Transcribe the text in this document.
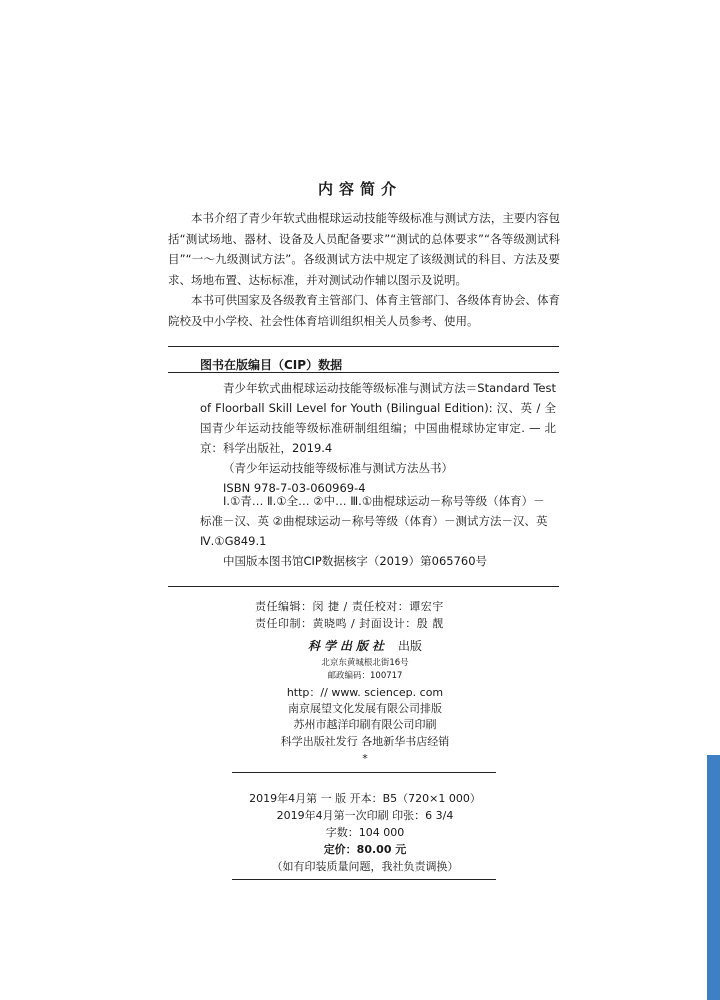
内容简介

本书介绍了青少年软式曲棍球运动技能等级标准与测试方法，主要内容包括“测试场地、器材、设备及人员配备要求”“测试的总体要求”“各等级测试科目”“一～九级测试方法”。各级测试方法中规定了该级测试的科目、方法及要求、场地布置、达标标准，并对测试动作辅以图示及说明。

本书可供国家及各级教育主管部门、体育主管部门、各级体育协会、体育院校及中小学校、社会性体育培训组织相关人员参考、使用。

图书在版编目（CIP）数据

青少年软式曲棍球运动技能等级标准与测试方法＝Standard Test of Floorball Skill Level for Youth (Bilingual Edition): 汉、英 / 全国青少年运动技能等级标准研制组组编；中国曲棍球协定审定. — 北京：科学出版社，2019.4

（青少年运动技能等级标准与测试方法丛书）

ISBN 978-7-03-060969-4

Ⅰ.①青… Ⅱ.①全… ②中… Ⅲ.①曲棍球运动－称号等级（体育）－标准－汉、英 ②曲棍球运动－称号等级（体育）－测试方法－汉、英 Ⅳ.①G849.1

中国版本图书馆CIP数据核字（2019）第065760号

责任编辑：闵 捷 / 责任校对：谭宏宇
责任印制：黄晓鸣 / 封面设计：殷 靓
科学出版社 出版
北京东黄城根北街16号
邮政编码：100717
http：// www. sciencep. com
南京展望文化发展有限公司排版
苏州市越洋印刷有限公司印刷
科学出版社发行 各地新华书店经销
*
2019年4月第 一 版 开本：B5（720×1 000）
2019年4月第一次印刷 印张：6 3/4
字数：104 000
定价：80.00 元
（如有印装质量问题，我社负责调换）
